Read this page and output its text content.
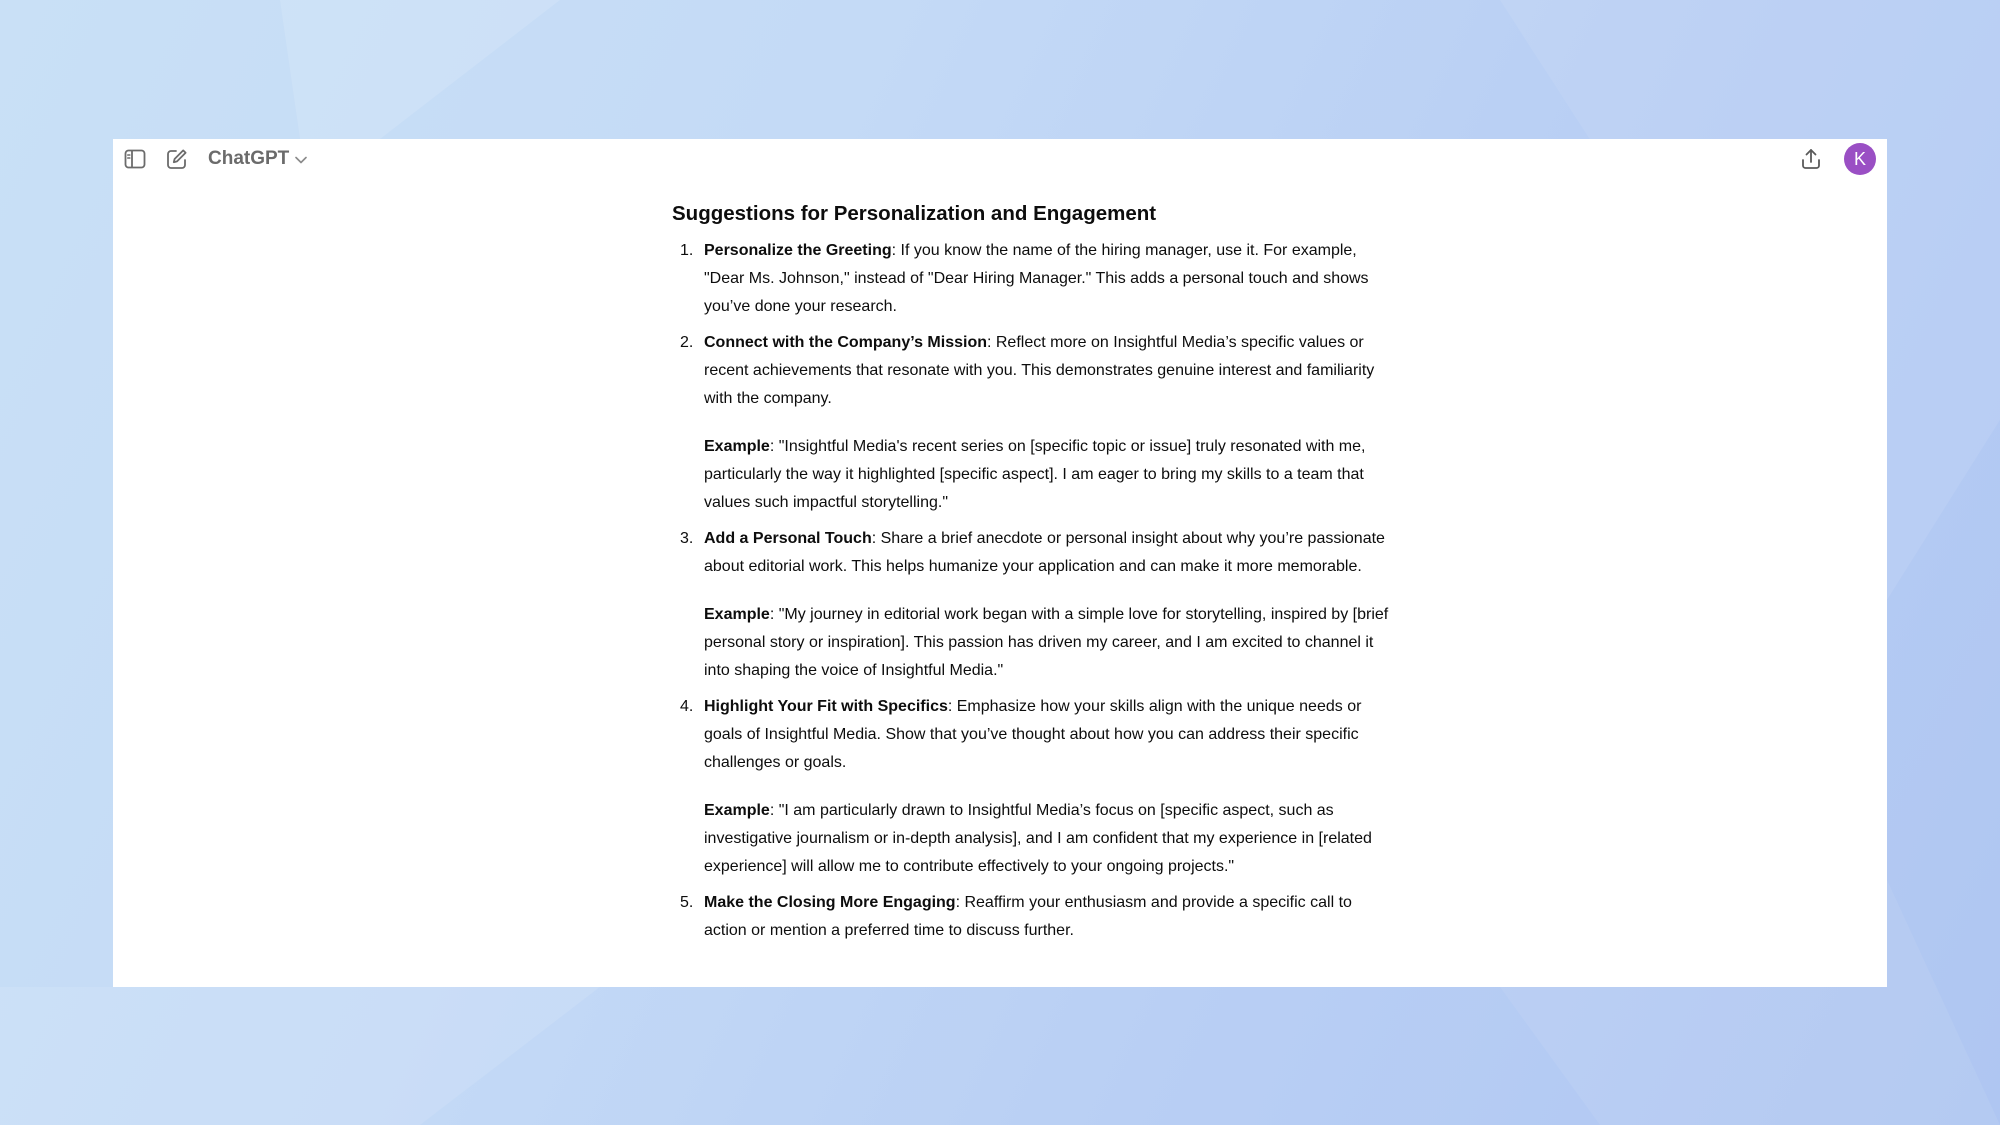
ChatGPT	K
Suggestions for Personalization and Engagement
1. Personalize the Greeting: If you know the name of the hiring manager, use it. For example, "Dear Ms. Johnson," instead of "Dear Hiring Manager." This adds a personal touch and shows you’ve done your research.

2. Connect with the Company’s Mission: Reflect more on Insightful Media’s specific values or recent achievements that resonate with you. This demonstrates genuine interest and familiarity with the company.

Example: "Insightful Media's recent series on [specific topic or issue] truly resonated with me, particularly the way it highlighted [specific aspect]. I am eager to bring my skills to a team that values such impactful storytelling."

3. Add a Personal Touch: Share a brief anecdote or personal insight about why you’re passionate about editorial work. This helps humanize your application and can make it more memorable.

Example: "My journey in editorial work began with a simple love for storytelling, inspired by [brief personal story or inspiration]. This passion has driven my career, and I am excited to channel it into shaping the voice of Insightful Media."

4. Highlight Your Fit with Specifics: Emphasize how your skills align with the unique needs or goals of Insightful Media. Show that you’ve thought about how you can address their specific challenges or goals.

Example: "I am particularly drawn to Insightful Media’s focus on [specific aspect, such as investigative journalism or in-depth analysis], and I am confident that my experience in [related experience] will allow me to contribute effectively to your ongoing projects."

5. Make the Closing More Engaging: Reaffirm your enthusiasm and provide a specific call to action or mention a preferred time to discuss further.
